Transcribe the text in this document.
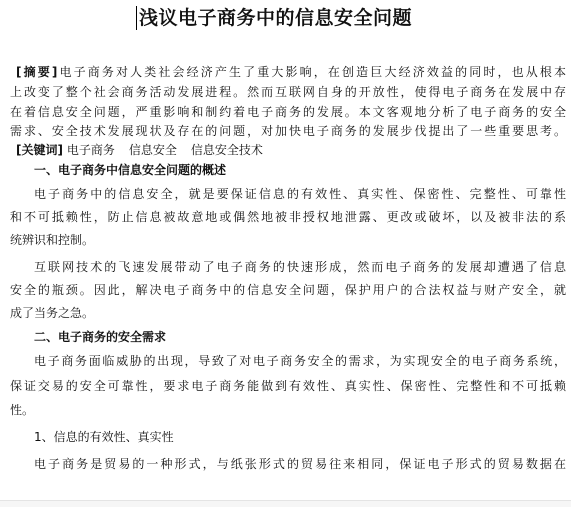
浅议电子商务中的信息安全问题
[摘要]电子商务对人类社会经济产生了重大影响，在创造巨大经济效益的同时，也从根本
上改变了整个社会商务活动发展进程。然而互联网自身的开放性，使得电子商务在发展中存
在着信息安全问题，严重影响和制约着电子商务的发展。本文客观地分析了电子商务的安全
需求、安全技术发展现状及存在的问题，对加快电子商务的发展步伐提出了一些重要思考。
[关键词] 电子商务 信息安全 信息安全技术
一、电子商务中信息安全问题的概述
电子商务中的信息安全，就是要保证信息的有效性、真实性、保密性、完整性、可靠性
和不可抵赖性，防止信息被故意地或偶然地被非授权地泄露、更改或破坏，以及被非法的系
统辨识和控制。
互联网技术的飞速发展带动了电子商务的快速形成，然而电子商务的发展却遭遇了信息
安全的瓶颈。因此，解决电子商务中的信息安全问题，保护用户的合法权益与财产安全，就
成了当务之急。
二、电子商务的安全需求
电子商务面临威胁的出现，导致了对电子商务安全的需求，为实现安全的电子商务系统，
保证交易的安全可靠性，要求电子商务能做到有效性、真实性、保密性、完整性和不可抵赖
性。
1、信息的有效性、真实性
电子商务是贸易的一种形式，与纸张形式的贸易往来相同，保证电子形式的贸易数据在
